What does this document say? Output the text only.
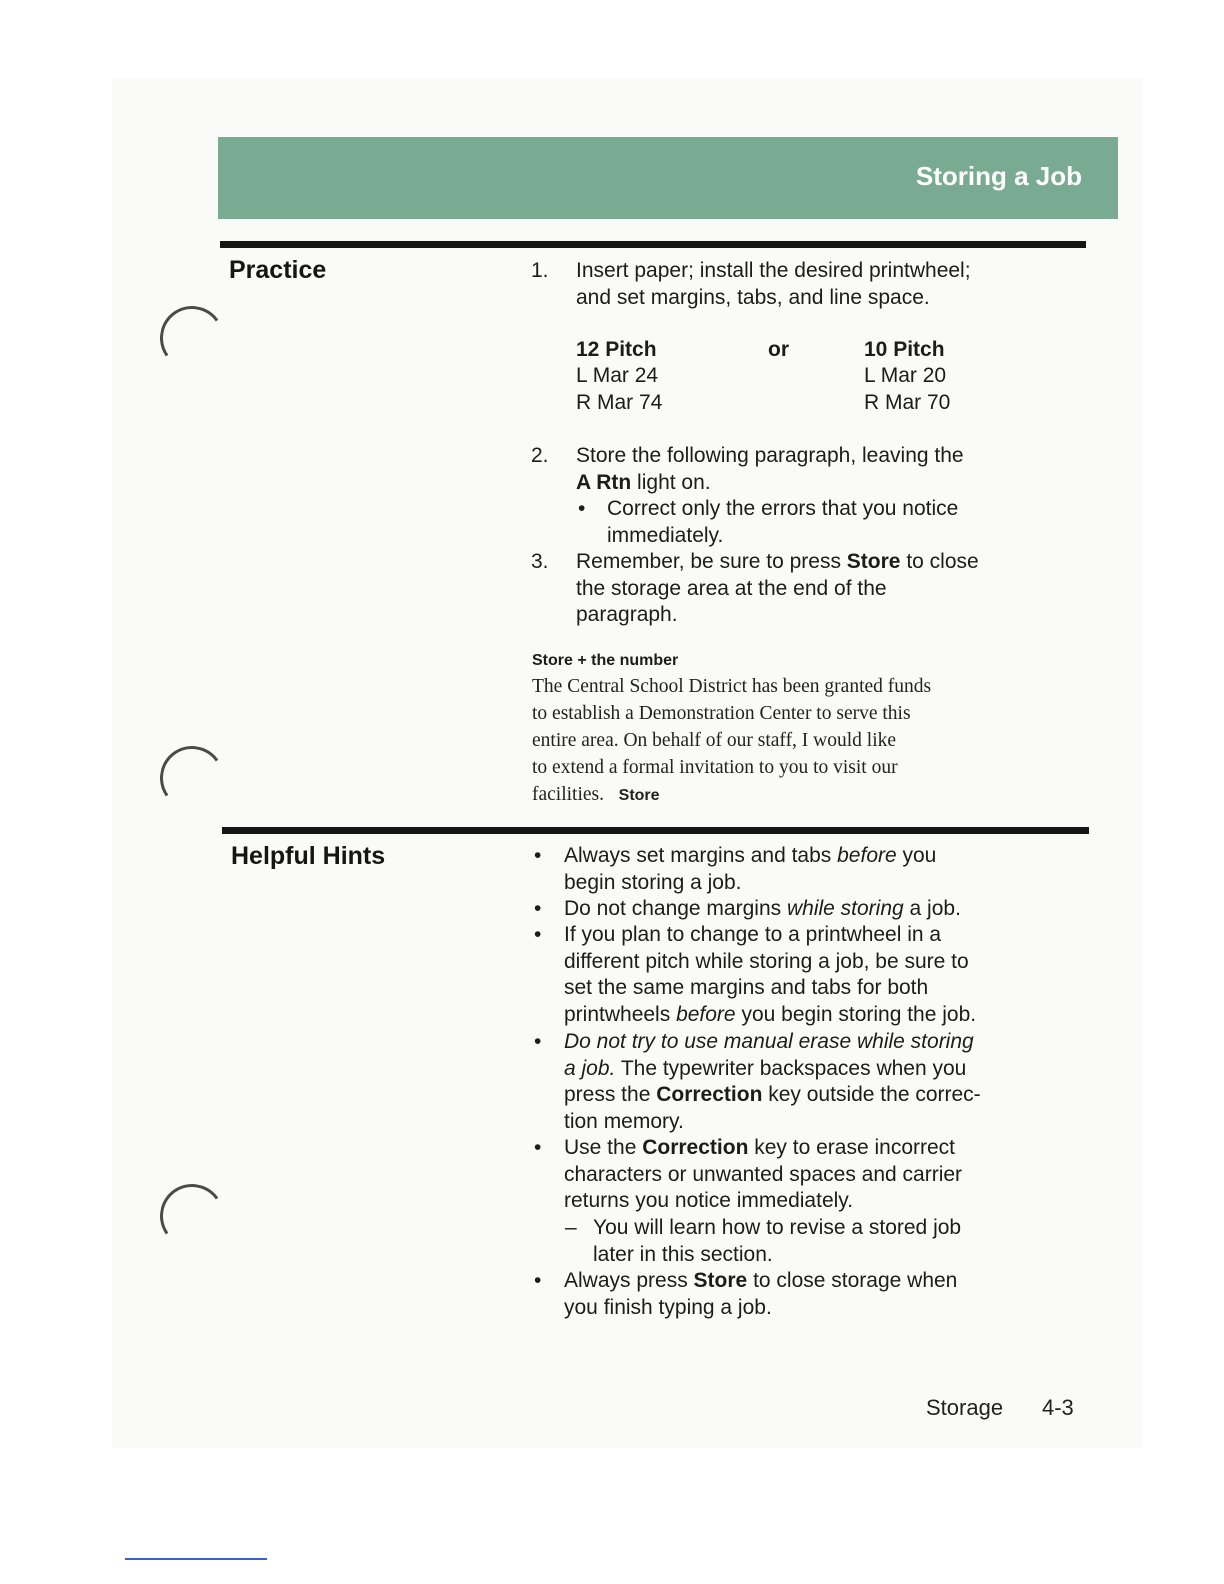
Storing a Job
Practice	1. Insert paper; install the desired printwheel;
and set margins, tabs, and line space.
12 Pitch	or	10 Pitch
L Mar 24	L Mar 20
R Mar 74	R Mar 70
2. Store the following paragraph, leaving the
A Rtn light on.
• Correct only the errors that you notice
immediately.
3. Remember, be sure to press Store to close
the storage area at the end of the
paragraph.
Store + the number
The Central School District has been granted funds
to establish a Demonstration Center to serve this
entire area. On behalf of our staff, I would like
to extend a formal invitation to you to visit our
facilities. Store
Helpful Hints	• Always set margins and tabs before you
begin storing a job.
• Do not change margins while storing a job.
• If you plan to change to a printwheel in a
different pitch while storing a job, be sure to
set the same margins and tabs for both
printwheels before you begin storing the job.
• Do not try to use manual erase while storing
a job. The typewriter backspaces when you
press the Correction key outside the correc-
tion memory.
• Use the Correction key to erase incorrect
characters or unwanted spaces and carrier
returns you notice immediately.
– You will learn how to revise a stored job
later in this section.
• Always press Store to close storage when
you finish typing a job.
Storage 4-3
